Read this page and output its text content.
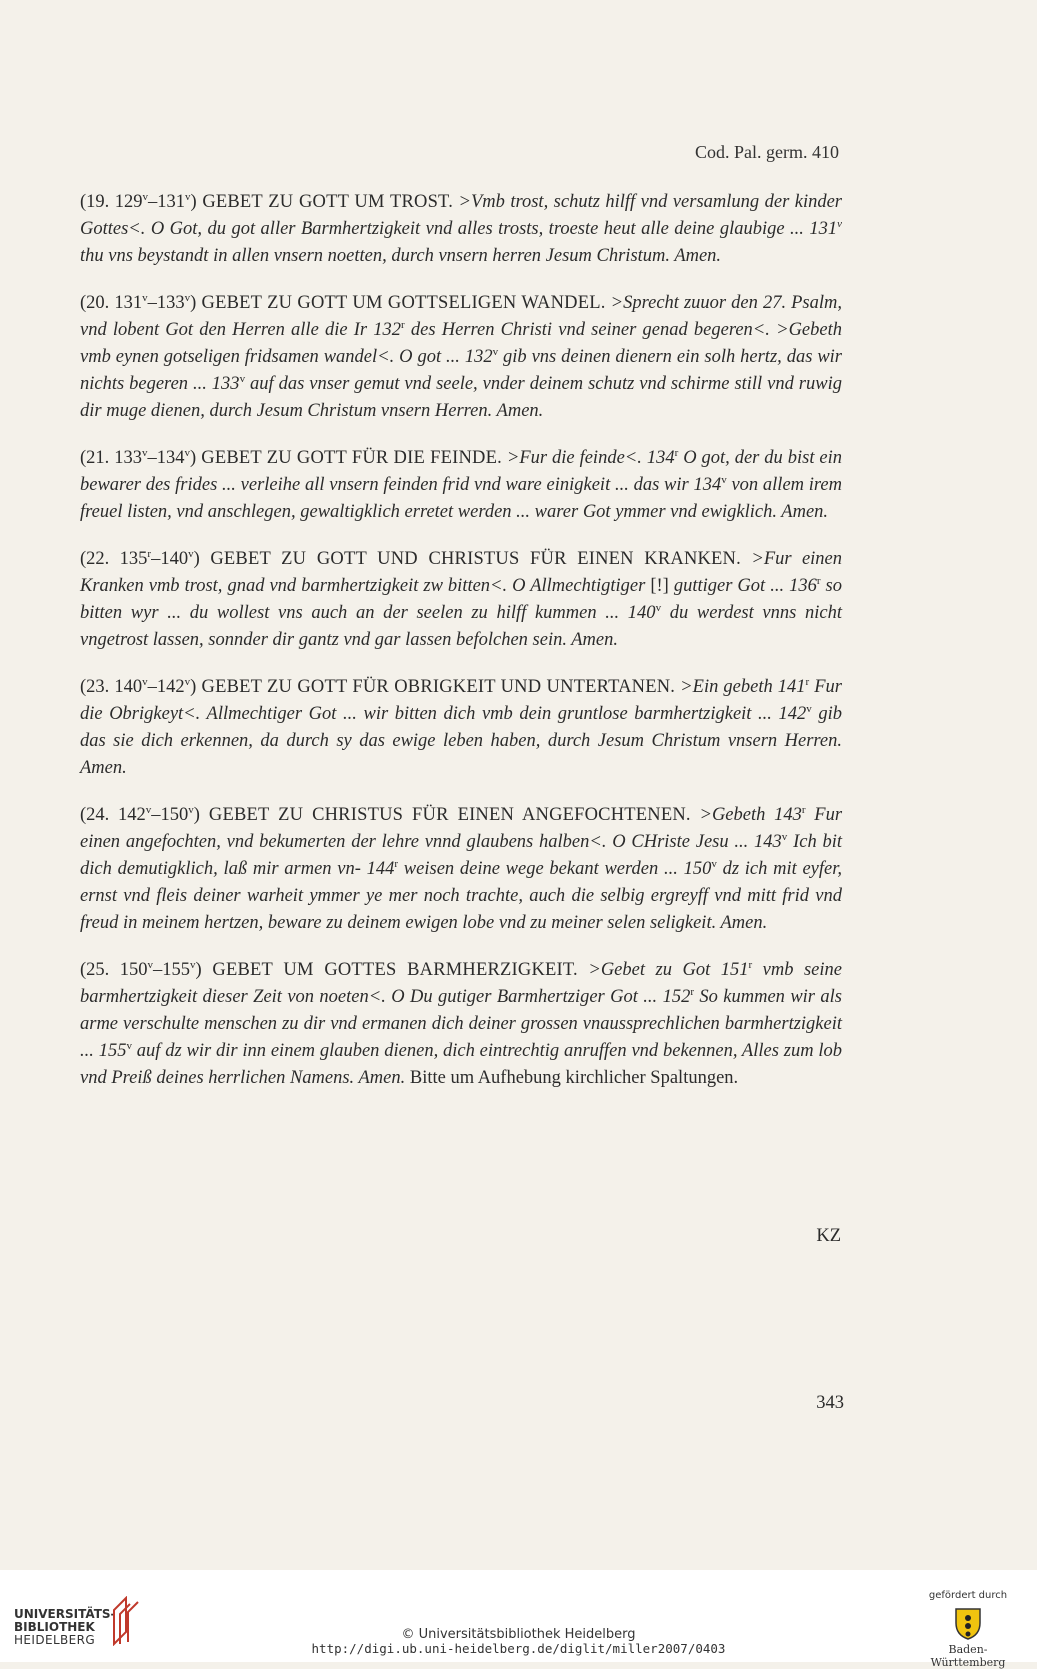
Cod. Pal. germ. 410

(19. 129$^v$–131$^v$) GEBET ZU GOTT UM TROST. >Vmb trost, schutz hilff vnd versamlung der kinder Gottes<. O Got, du got aller Barmhertzigkeit vnd alles trosts, troeste heut alle deine glaubige ... 131$^v$ thu vns beystandt in allen vnsern noetten, durch vnsern herren Jesum Christum. Amen.

(20. 131$^v$–133$^v$) GEBET ZU GOTT UM GOTTSELIGEN WANDEL. >Sprecht zuuor den 27. Psalm, vnd lobent Got den Herren alle die Ir 132$^r$ des Herren Christi vnd seiner genad begeren<. >Gebeth vmb eynen gotseligen fridsamen wandel<. O got ... 132$^v$ gib vns deinen dienern ein solh hertz, das wir nichts begeren ... 133$^v$ auf das vnser gemut vnd seele, vnder deinem schutz vnd schirme still vnd ruwig dir muge dienen, durch Jesum Christum vnsern Herren. Amen.

(21. 133$^v$–134$^v$) GEBET ZU GOTT FÜR DIE FEINDE. >Fur die feinde<. 134$^r$ O got, der du bist ein bewarer des frides ... verleihe all vnsern feinden frid vnd ware einigkeit ... das wir 134$^v$ von allem irem freuel listen, vnd anschlegen, gewaltigklich erretet werden ... warer Got ymmer vnd ewigklich. Amen.

(22. 135$^r$–140$^v$) GEBET ZU GOTT UND CHRISTUS FÜR EINEN KRANKEN. >Fur einen Kranken vmb trost, gnad vnd barmhertzigkeit zw bitten<. O Allmechtigtiger [!] guttiger Got ... 136$^r$ so bitten wyr ... du wollest vns auch an der seelen zu hilff kummen ... 140$^v$ du werdest vnns nicht vngetrost lassen, sonnder dir gantz vnd gar lassen befolchen sein. Amen.

(23. 140$^v$–142$^v$) GEBET ZU GOTT FÜR OBRIGKEIT UND UNTERTANEN. >Ein gebeth 141$^r$ Fur die Obrigkeyt<. Allmechtiger Got ... wir bitten dich vmb dein gruntlose barmhertzigkeit ... 142$^v$ gib das sie dich erkennen, da durch sy das ewige leben haben, durch Jesum Christum vnsern Herren. Amen.

(24. 142$^v$–150$^v$) GEBET ZU CHRISTUS FÜR EINEN ANGEFOCHTENEN. >Gebeth 143$^r$ Fur einen angefochten, vnd bekumerten der lehre vnnd glaubens halben<. O CHriste Jesu ... 143$^v$ Ich bit dich demutigklich, laß mir armen vn- 144$^r$ weisen deine wege bekant werden ... 150$^v$ dz ich mit eyfer, ernst vnd fleis deiner warheit ymmer ye mer noch trachte, auch die selbig ergreyff vnd mitt frid vnd freud in meinem hertzen, beware zu deinem ewigen lobe vnd zu meiner selen seligkeit. Amen.

(25. 150$^v$–155$^v$) GEBET UM GOTTES BARMHERZIGKEIT. >Gebet zu Got 151$^r$ vmb seine barmhertzigkeit dieser Zeit von noeten<. O Du gutiger Barmhertziger Got ... 152$^r$ So kummen wir als arme verschulte menschen zu dir vnd ermanen dich deiner grossen vnaussprechlichen barmhertzigkeit ... 155$^v$ auf dz wir dir inn einem glauben dienen, dich eintrechtig anruffen vnd bekennen, Alles zum lob vnd Preiß deines herrlichen Namens. Amen. Bitte um Aufhebung kirchlicher Spaltungen.

KZ
343
UNIVERSITÄTS-
BIBLIOTHEK
HEIDELBERG	© Universitätsbibliothek Heidelberg
http://digi.ub.uni-heidelberg.de/diglit/miller2007/0403
gefördert durch
Baden-Württemberg
